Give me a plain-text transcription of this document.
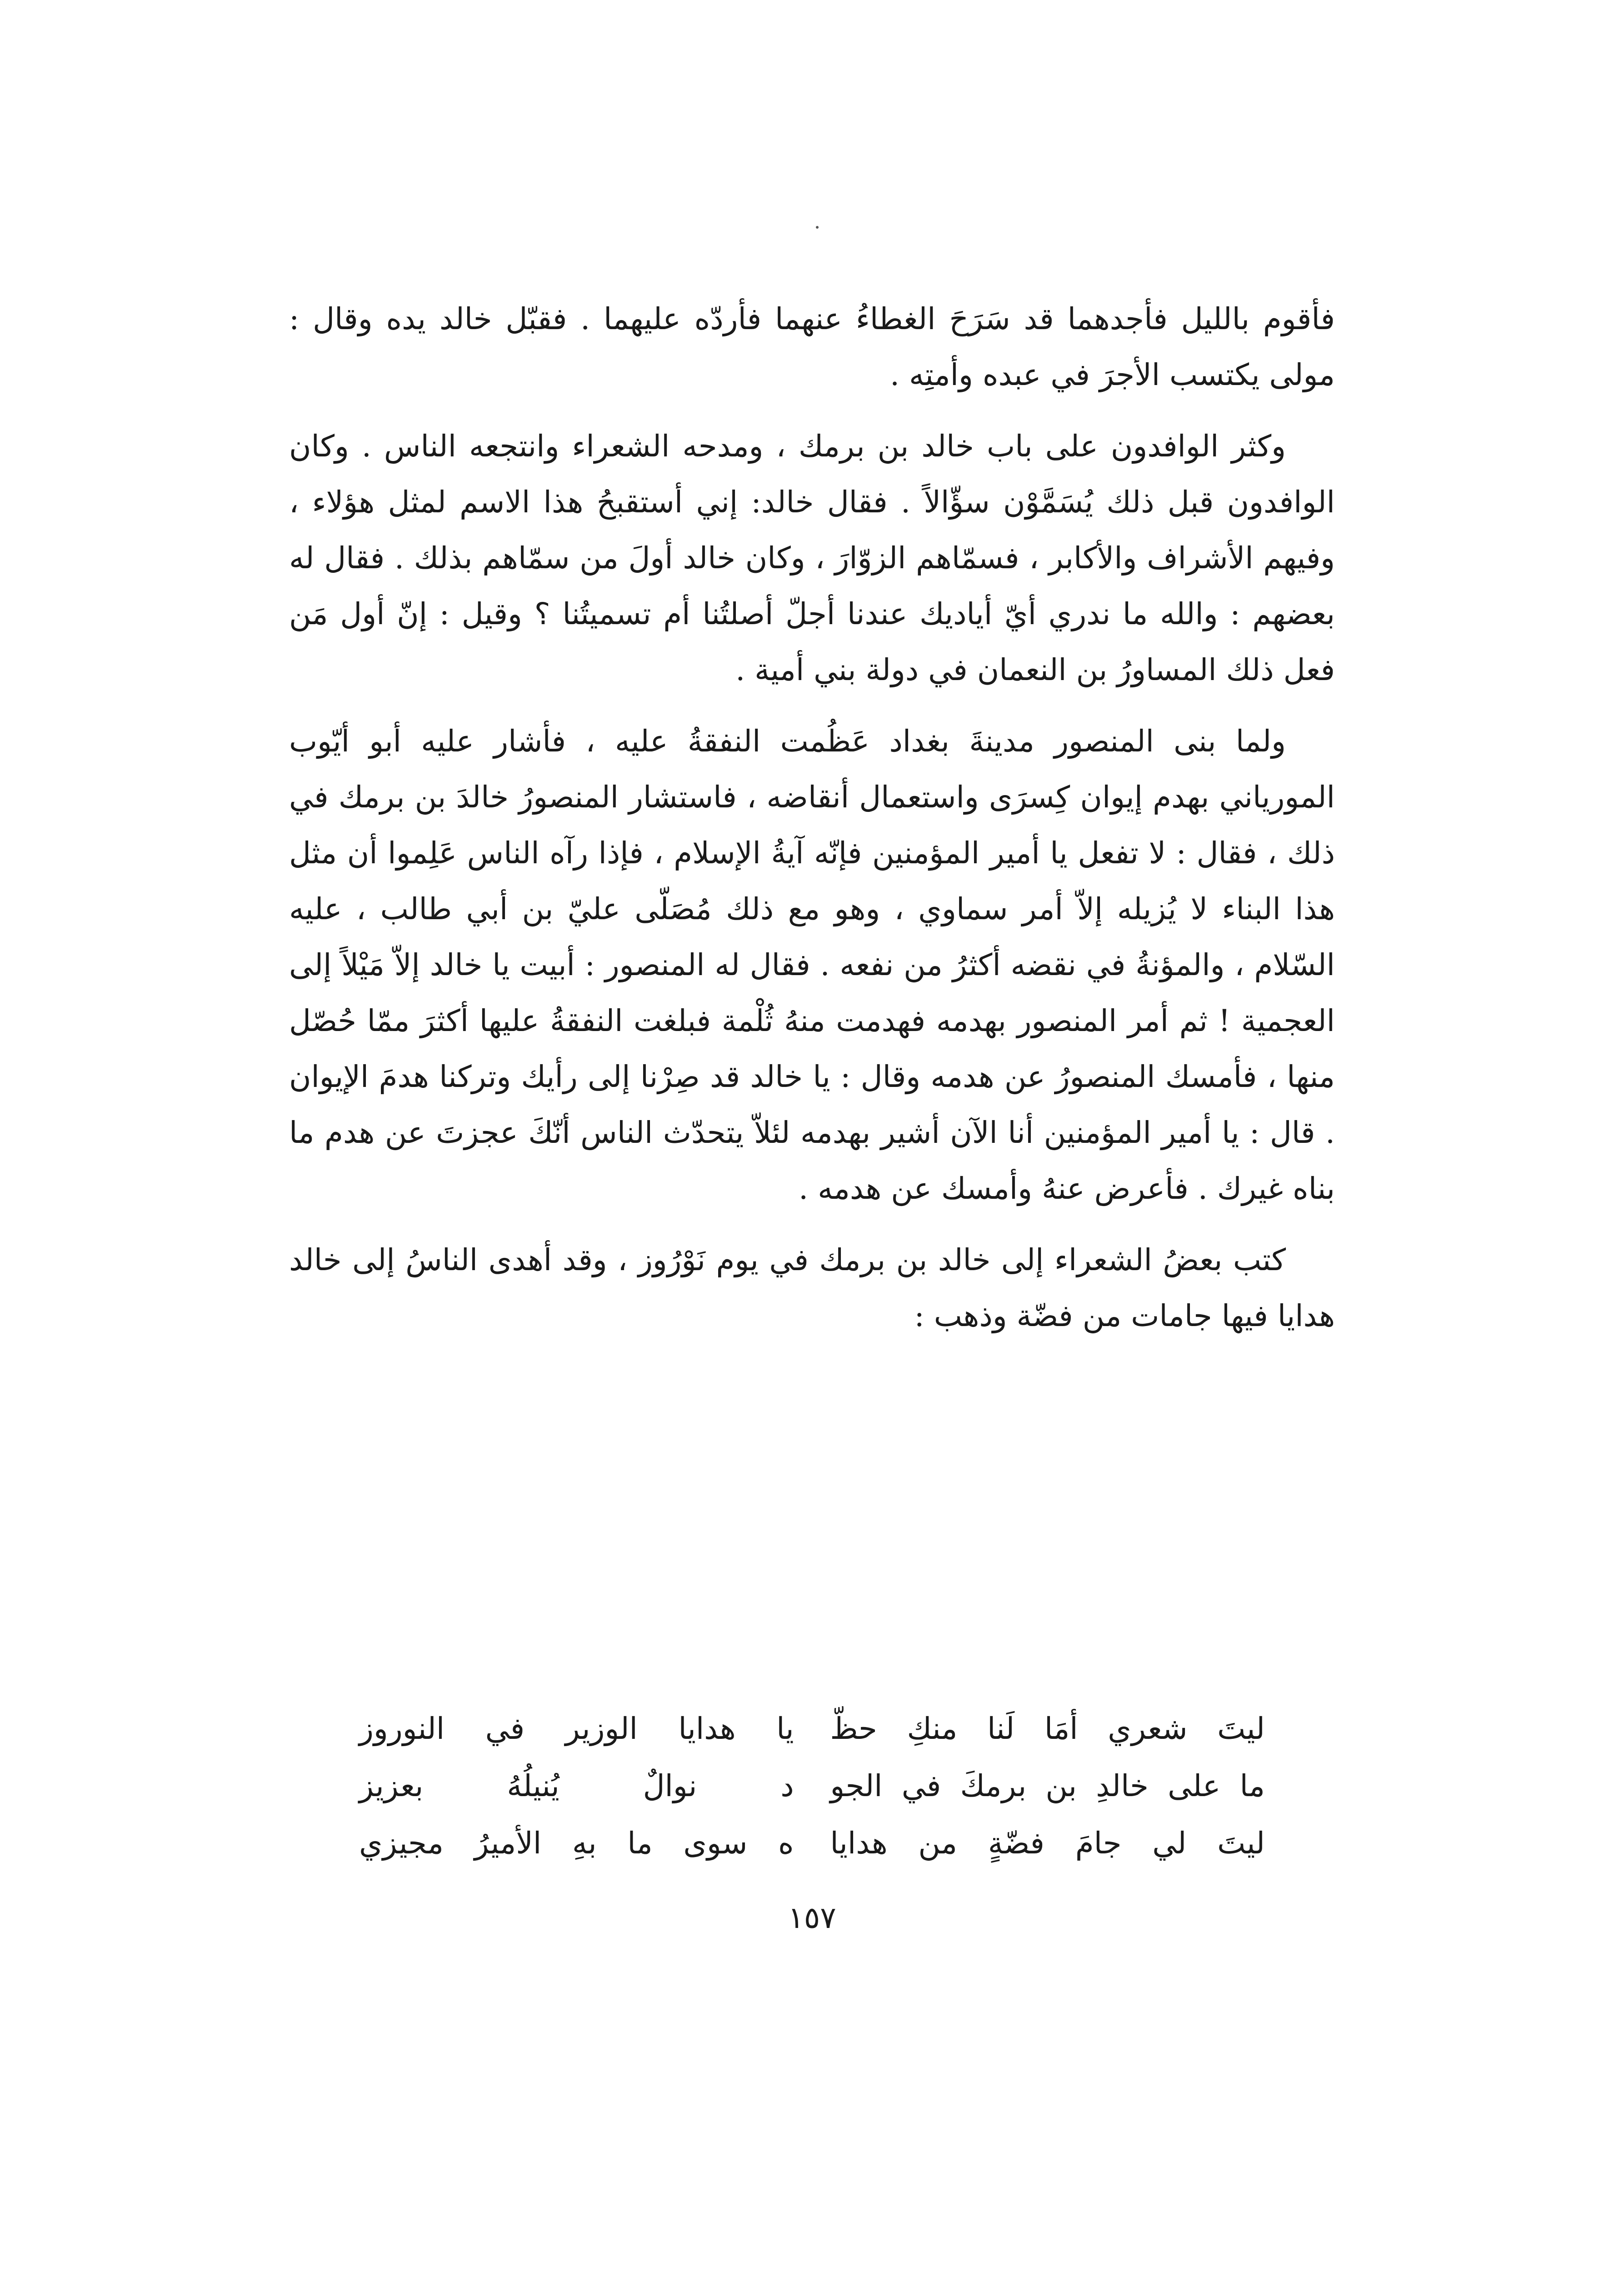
فأقوم بالليل فأجدهما قد سَرَحَ الغطاءُ عنهما فأردّه عليهما . فقبّل خالد يده وقال : مولى يكتسب الأجرَ في عبده وأمتِه .

وكثر الوافدون على باب خالد بن برمك ، ومدحه الشعراء وانتجعه الناس . وكان الوافدون قبل ذلك يُسَمَّوْن سؤّالاً . فقال خالد: إني أستقبحُ هذا الاسم لمثل هؤلاء ، وفيهم الأشراف والأكابر ، فسمّاهم الزوّارَ ، وكان خالد أولَ من سمّاهم بذلك . فقال له بعضهم : والله ما ندري أيّ أياديك عندنا أجلّ أصلتُنا أم تسميتُنا ؟ وقيل : إنّ أول مَن فعل ذلك المساورُ بن النعمان في دولة بني أمية .

ولما بنى المنصور مدينةَ بغداد عَظُمت النفقةُ عليه ، فأشار عليه أبو أيّوب المورياني بهدم إيوان كِسرَى واستعمال أنقاضه ، فاستشار المنصورُ خالدَ بن برمك في ذلك ، فقال : لا تفعل يا أمير المؤمنين فإنّه آيةُ الإسلام ، فإذا رآه الناس عَلِموا أن مثل هذا البناء لا يُزيله إلاّ أمر سماوي ، وهو مع ذلك مُصَلّى عليّ بن أبي طالب ، عليه السّلام ، والمؤنةُ في نقضه أكثرُ من نفعه . فقال له المنصور : أبيت يا خالد إلاّ مَيْلاً إلى العجمية ! ثم أمر المنصور بهدمه فهدمت منهُ ثُلْمة فبلغت النفقةُ عليها أكثرَ ممّا حُصّل منها ، فأمسك المنصورُ عن هدمه وقال : يا خالد قد صِرْنا إلى رأيك وتركنا هدمَ الإيوان . قال : يا أمير المؤمنين أنا الآن أشير بهدمه لئلاّ يتحدّث الناس أنّكَ عجزتَ عن هدم ما بناه غيرك . فأعرض عنهُ وأمسك عن هدمه .

كتب بعضُ الشعراء إلى خالد بن برمك في يوم نَوْرُوز ، وقد أهدى الناسُ إلى خالد هدايا فيها جامات من فضّة وذهب :

ليتَ شعري أمَا لَنا منكِ حظّ
يا هدايا الوزير في النوروز
ما على خالدِ بن برمكَ في الجو
د نوالٌ يُنيلُهُ بعزيز
ليتَ لي جامَ فضّةٍ من هدايا
ه سوى ما بهِ الأميرُ مجيزي
١٥٧
